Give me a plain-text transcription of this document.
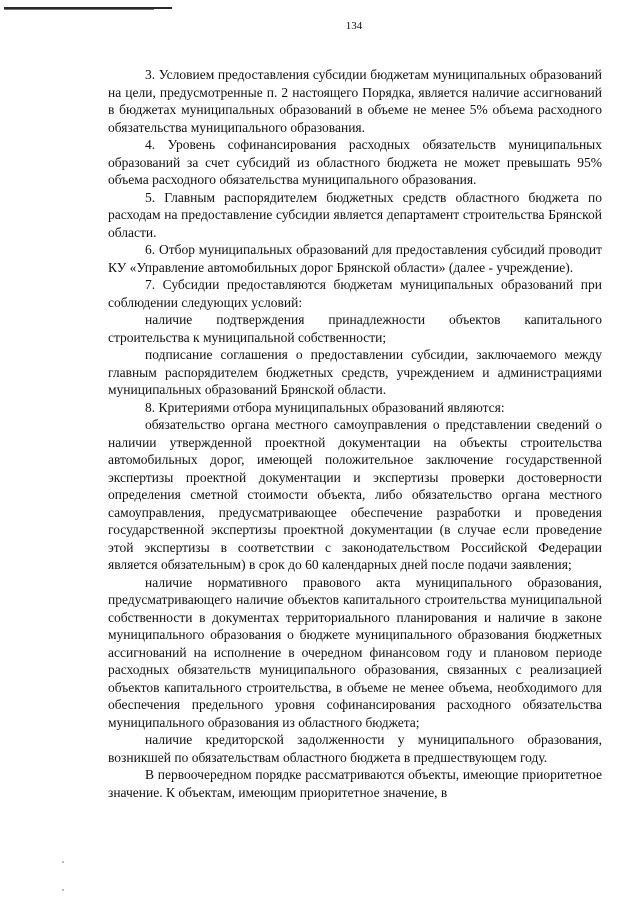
134

3. Условием предоставления субсидии бюджетам муниципальных образований на цели, предусмотренные п. 2 настоящего Порядка, является наличие ассигнований в бюджетах муниципальных образований в объеме не менее 5% объема расходного обязательства муниципального образования.

4. Уровень софинансирования расходных обязательств муниципальных образований за счет субсидий из областного бюджета не может превышать 95% объема расходного обязательства муниципального образования.

5. Главным распорядителем бюджетных средств областного бюджета по расходам на предоставление субсидии является департамент строительства Брянской области.

6. Отбор муниципальных образований для предоставления субсидий проводит КУ «Управление автомобильных дорог Брянской области» (далее - учреждение).

7. Субсидии предоставляются бюджетам муниципальных образований при соблюдении следующих условий:

наличие подтверждения принадлежности объектов капитального строительства к муниципальной собственности;

подписание соглашения о предоставлении субсидии, заключаемого между главным распорядителем бюджетных средств, учреждением и администрациями муниципальных образований Брянской области.

8. Критериями отбора муниципальных образований являются:

обязательство органа местного самоуправления о представлении сведений о наличии утвержденной проектной документации на объекты строительства автомобильных дорог, имеющей положительное заключение государственной экспертизы проектной документации и экспертизы проверки достоверности определения сметной стоимости объекта, либо обязательство органа местного самоуправления, предусматривающее обеспечение разработки и проведения государственной экспертизы проектной документации (в случае если проведение этой экспертизы в соответствии с законодательством Российской Федерации является обязательным) в срок до 60 календарных дней после подачи заявления;

наличие нормативного правового акта муниципального образования, предусматривающего наличие объектов капитального строительства муниципальной собственности в документах территориального планирования и наличие в законе муниципального образования о бюджете муниципального образования бюджетных ассигнований на исполнение в очередном финансовом году и плановом периоде расходных обязательств муниципального образования, связанных с реализацией объектов капитального строительства, в объеме не менее объема, необходимого для обеспечения предельного уровня софинансирования расходного обязательства муниципального образования из областного бюджета;

наличие кредиторской задолженности у муниципального образования, возникшей по обязательствам областного бюджета в предшествующем году.

В первоочередном порядке рассматриваются объекты, имеющие приоритетное значение. К объектам, имеющим приоритетное значение, в
